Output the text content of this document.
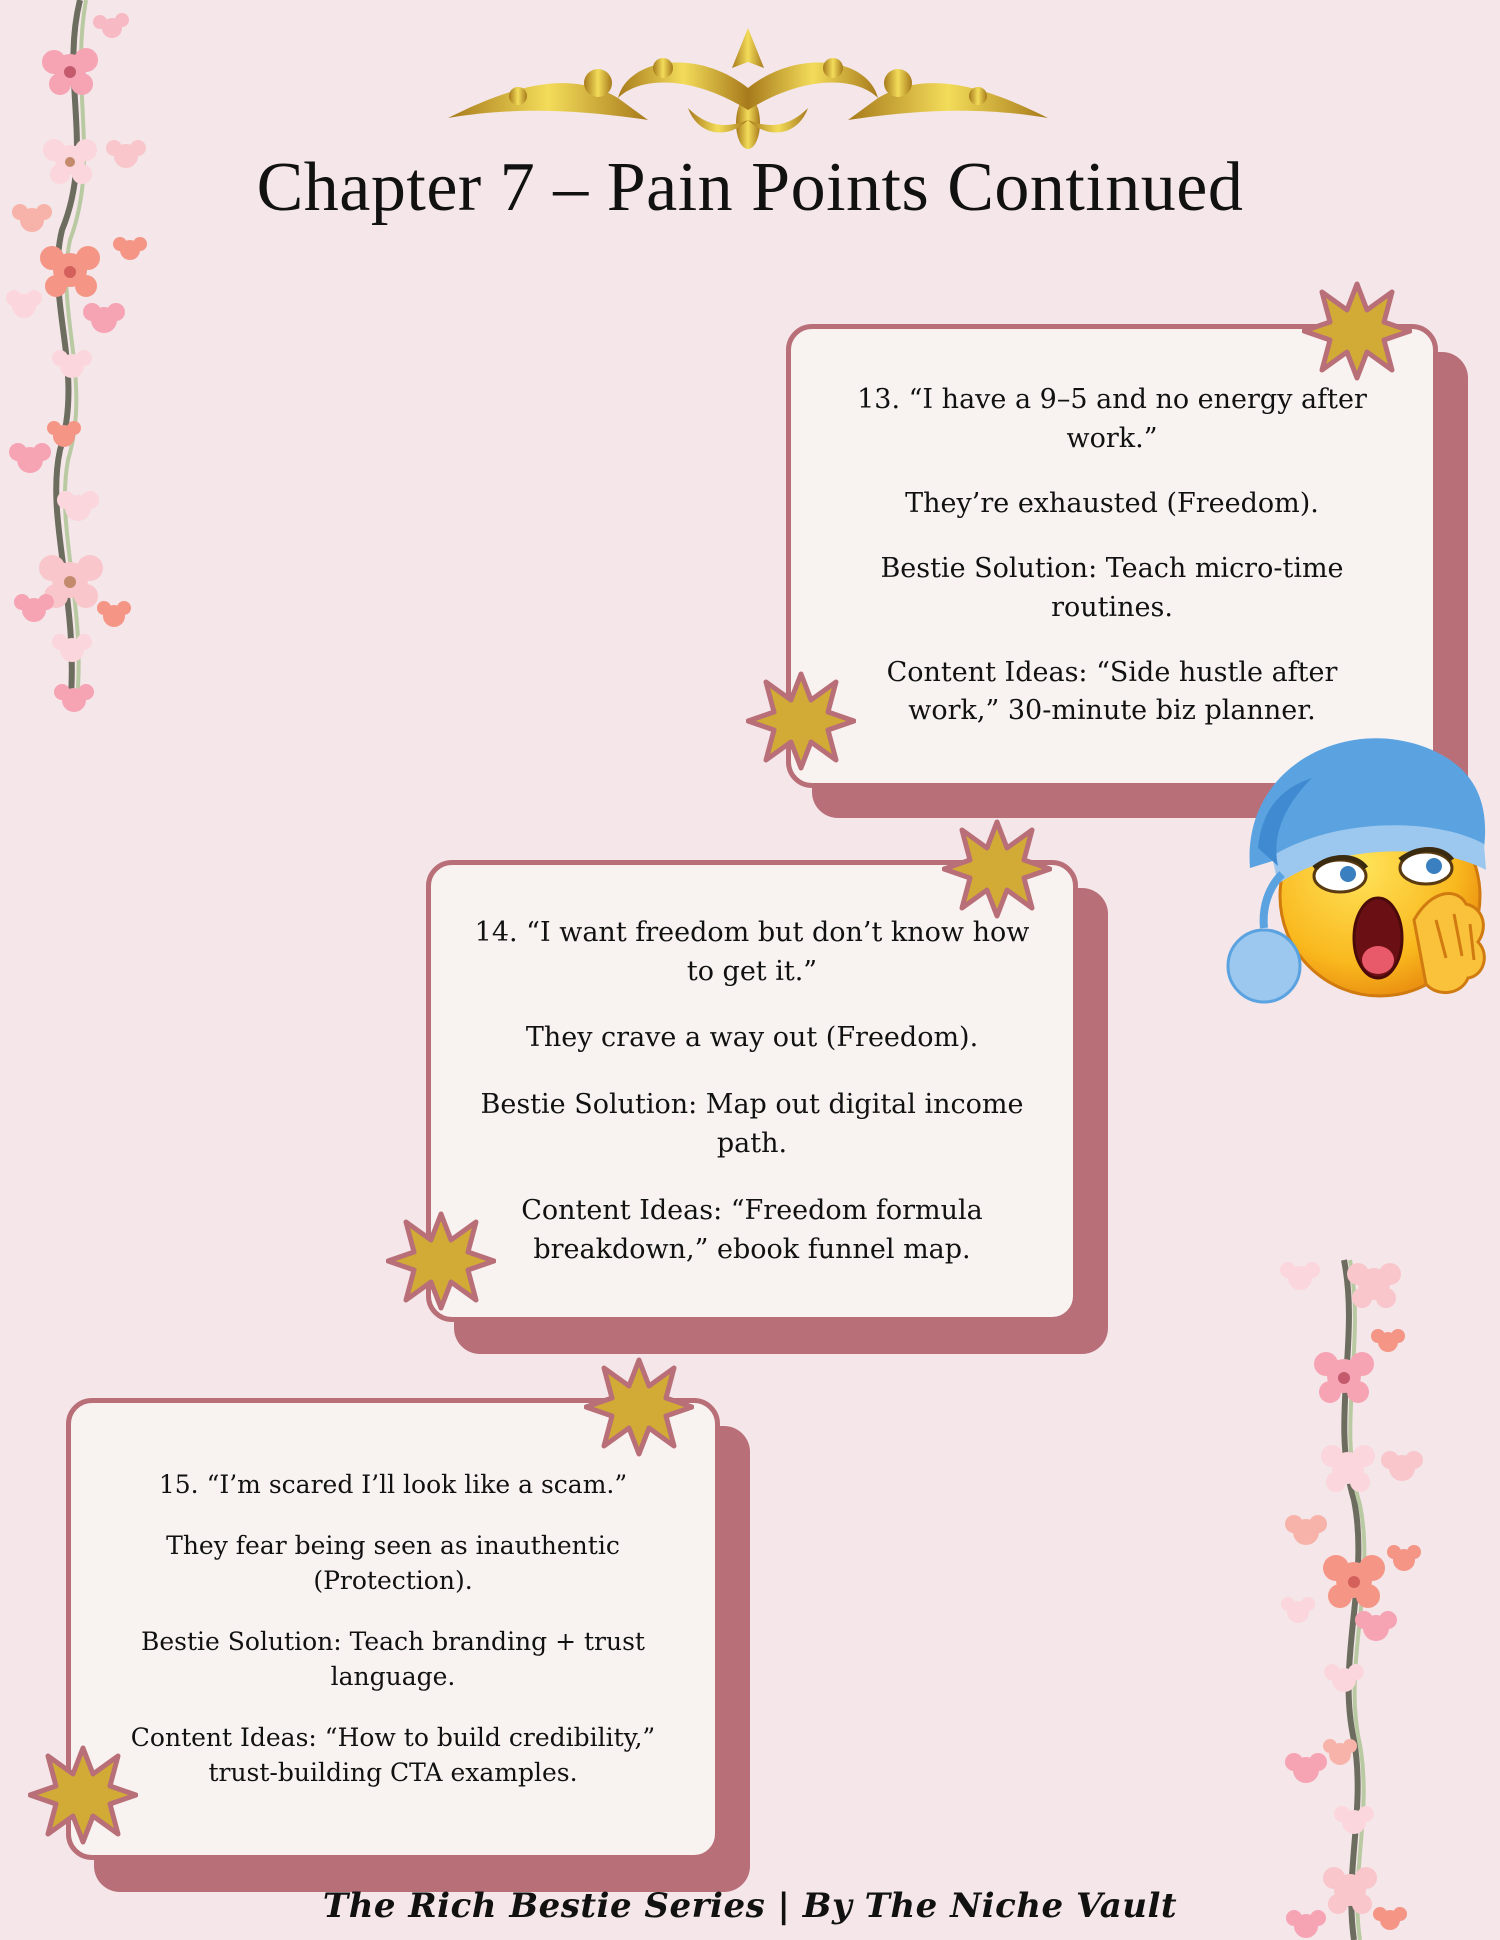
Chapter 7 – Pain Points Continued

13. “I have a 9–5 and no energy after work.”

They’re exhausted (Freedom).

Bestie Solution: Teach micro-time routines.

Content Ideas: “Side hustle after work,” 30-minute biz planner.

14. “I want freedom but don’t know how to get it.”

They crave a way out (Freedom).

Bestie Solution: Map out digital income path.

Content Ideas: “Freedom formula breakdown,” ebook funnel map.

15. “I’m scared I’ll look like a scam.”

They fear being seen as inauthentic (Protection).

Bestie Solution: Teach branding + trust language.

Content Ideas: “How to build credibility,” trust-building CTA examples.

The Rich Bestie Series | By The Niche Vault
